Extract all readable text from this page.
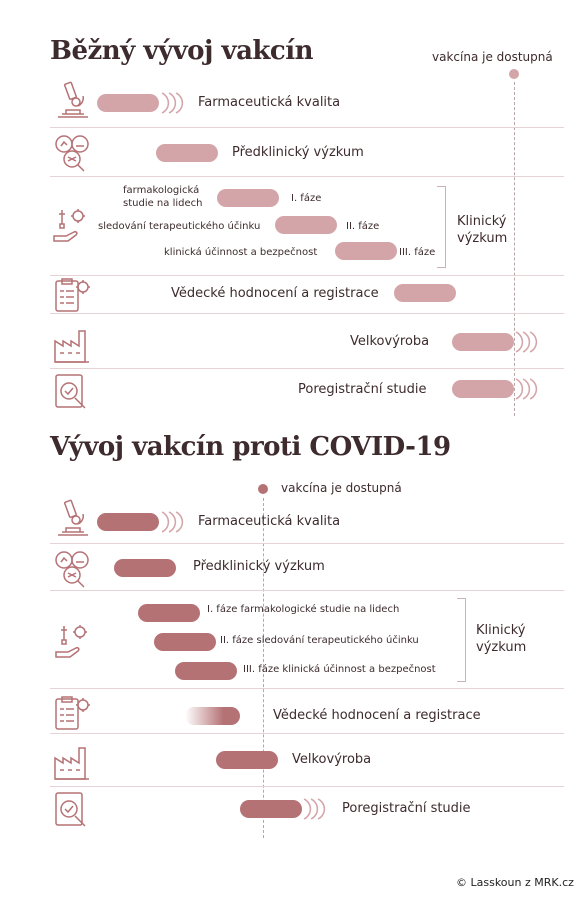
Běžný vývoj vakcín	vakcína je dostupná
Farmaceutická kvalita
Předklinický výzkum
farmakologická studie na lidech	I. fáze
sledování terapeutického účinku	II. fáze
klinická účinnost a bezpečnost	III. fáze
Klinický výzkum
Vědecké hodnocení a registrace
Velkovýroba
Poregistrační studie
Vývoj vakcín proti COVID-19
vakcína je dostupná
Farmaceutická kvalita
Předklinický výzkum
I. fáze farmakologické studie na lidech
II. fáze sledování terapeutického účinku
III. fáze klinická účinnost a bezpečnost
Klinický výzkum
Vědecké hodnocení a registrace
Velkovýroba
Poregistrační studie
© Lasskoun z MRK.cz
